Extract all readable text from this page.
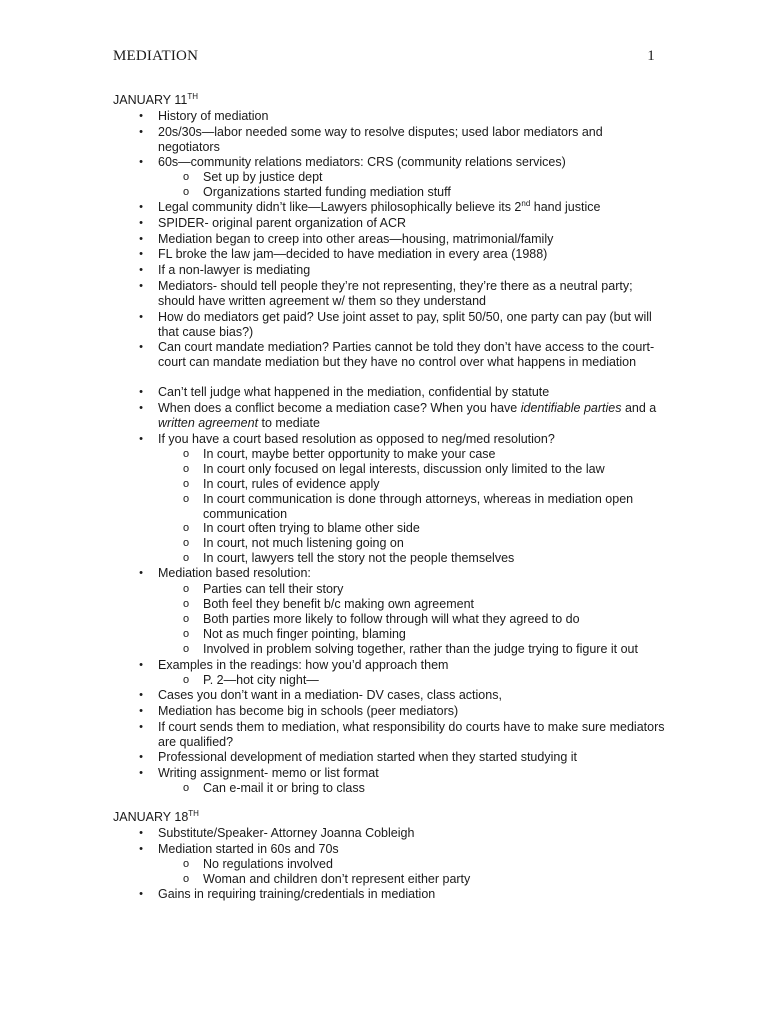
MEDIATION	1
JANUARY 11TH
•	History of mediation
•	20s/30s—labor needed some way to resolve disputes; used labor mediators and negotiators
•	60s—community relations mediators: CRS (community relations services)
o	Set up by justice dept
o	Organizations started funding mediation stuff
•	Legal community didn’t like—Lawyers philosophically believe its 2nd hand justice
•	SPIDER- original parent organization of ACR
•	Mediation began to creep into other areas—housing, matrimonial/family
•	FL broke the law jam—decided to have mediation in every area (1988)
•	If a non-lawyer is mediating
•	Mediators- should tell people they’re not representing, they’re there as a neutral party; should have written agreement w/ them so they understand
•	How do mediators get paid? Use joint asset to pay, split 50/50, one party can pay (but will that cause bias?)
•	Can court mandate mediation? Parties cannot be told they don’t have access to the court- court can mandate mediation but they have no control over what happens in mediation
•	Can’t tell judge what happened in the mediation, confidential by statute
•	When does a conflict become a mediation case? When you have identifiable parties and a written agreement to mediate
•	If you have a court based resolution as opposed to neg/med resolution?
o	In court, maybe better opportunity to make your case
o	In court only focused on legal interests, discussion only limited to the law
o	In court, rules of evidence apply
o	In court communication is done through attorneys, whereas in mediation open communication
o	In court often trying to blame other side
o	In court, not much listening going on
o	In court, lawyers tell the story not the people themselves
•	Mediation based resolution:
o	Parties can tell their story
o	Both feel they benefit b/c making own agreement
o	Both parties more likely to follow through will what they agreed to do
o	Not as much finger pointing, blaming
o	Involved in problem solving together, rather than the judge trying to figure it out
•	Examples in the readings: how you’d approach them
o	P. 2—hot city night—
•	Cases you don’t want in a mediation- DV cases, class actions,
•	Mediation has become big in schools (peer mediators)
•	If court sends them to mediation, what responsibility do courts have to make sure mediators are qualified?
•	Professional development of mediation started when they started studying it
•	Writing assignment- memo or list format
o	Can e-mail it or bring to class
JANUARY 18TH
•	Substitute/Speaker- Attorney Joanna Cobleigh
•	Mediation started in 60s and 70s
o	No regulations involved
o	Woman and children don’t represent either party
•	Gains in requiring training/credentials in mediation
